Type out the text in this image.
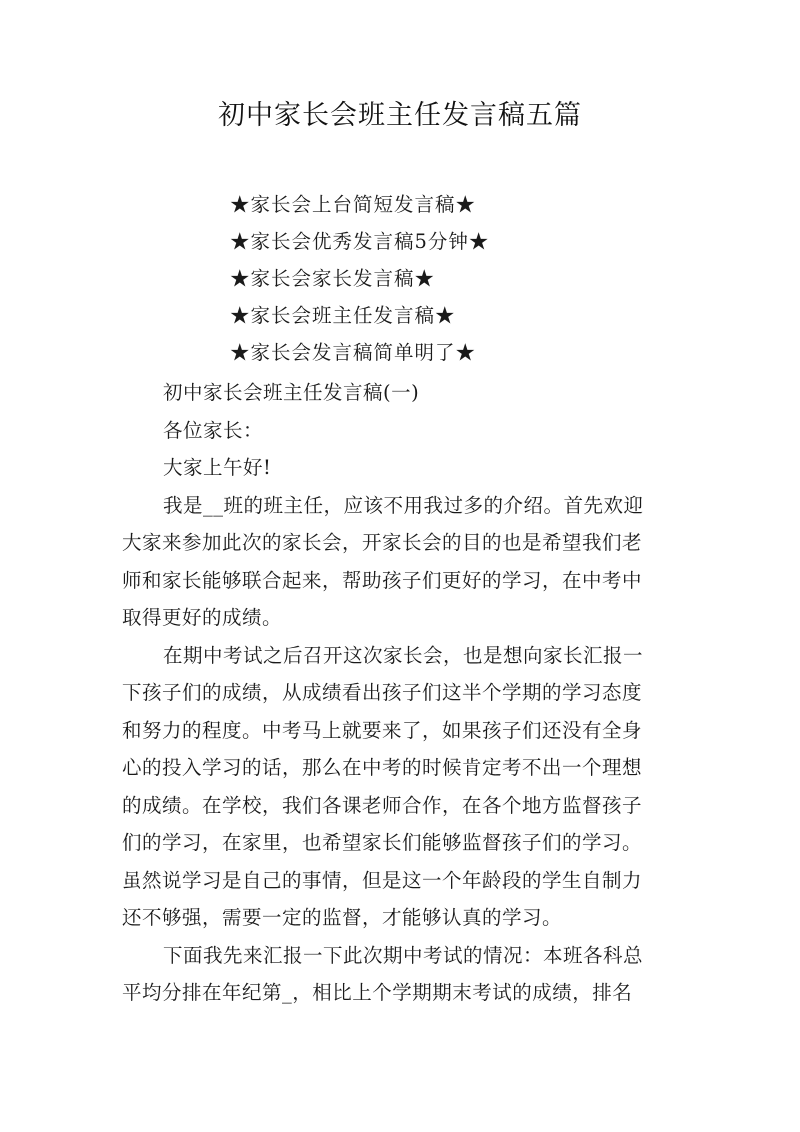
初中家长会班主任发言稿五篇
★家长会上台简短发言稿★
★家长会优秀发言稿5分钟★
★家长会家长发言稿★
★家长会班主任发言稿★
★家长会发言稿简单明了★
初中家长会班主任发言稿(一)
各位家长：
大家上午好!
我是__班的班主任，应该不用我过多的介绍。首先欢迎
大家来参加此次的家长会，开家长会的目的也是希望我们老
师和家长能够联合起来，帮助孩子们更好的学习，在中考中
取得更好的成绩。
在期中考试之后召开这次家长会，也是想向家长汇报一
下孩子们的成绩，从成绩看出孩子们这半个学期的学习态度
和努力的程度。中考马上就要来了，如果孩子们还没有全身
心的投入学习的话，那么在中考的时候肯定考不出一个理想
的成绩。在学校，我们各课老师合作，在各个地方监督孩子
们的学习，在家里，也希望家长们能够监督孩子们的学习。
虽然说学习是自己的事情，但是这一个年龄段的学生自制力
还不够强，需要一定的监督，才能够认真的学习。
下面我先来汇报一下此次期中考试的情况：本班各科总
平均分排在年纪第_，相比上个学期期末考试的成绩，排名
